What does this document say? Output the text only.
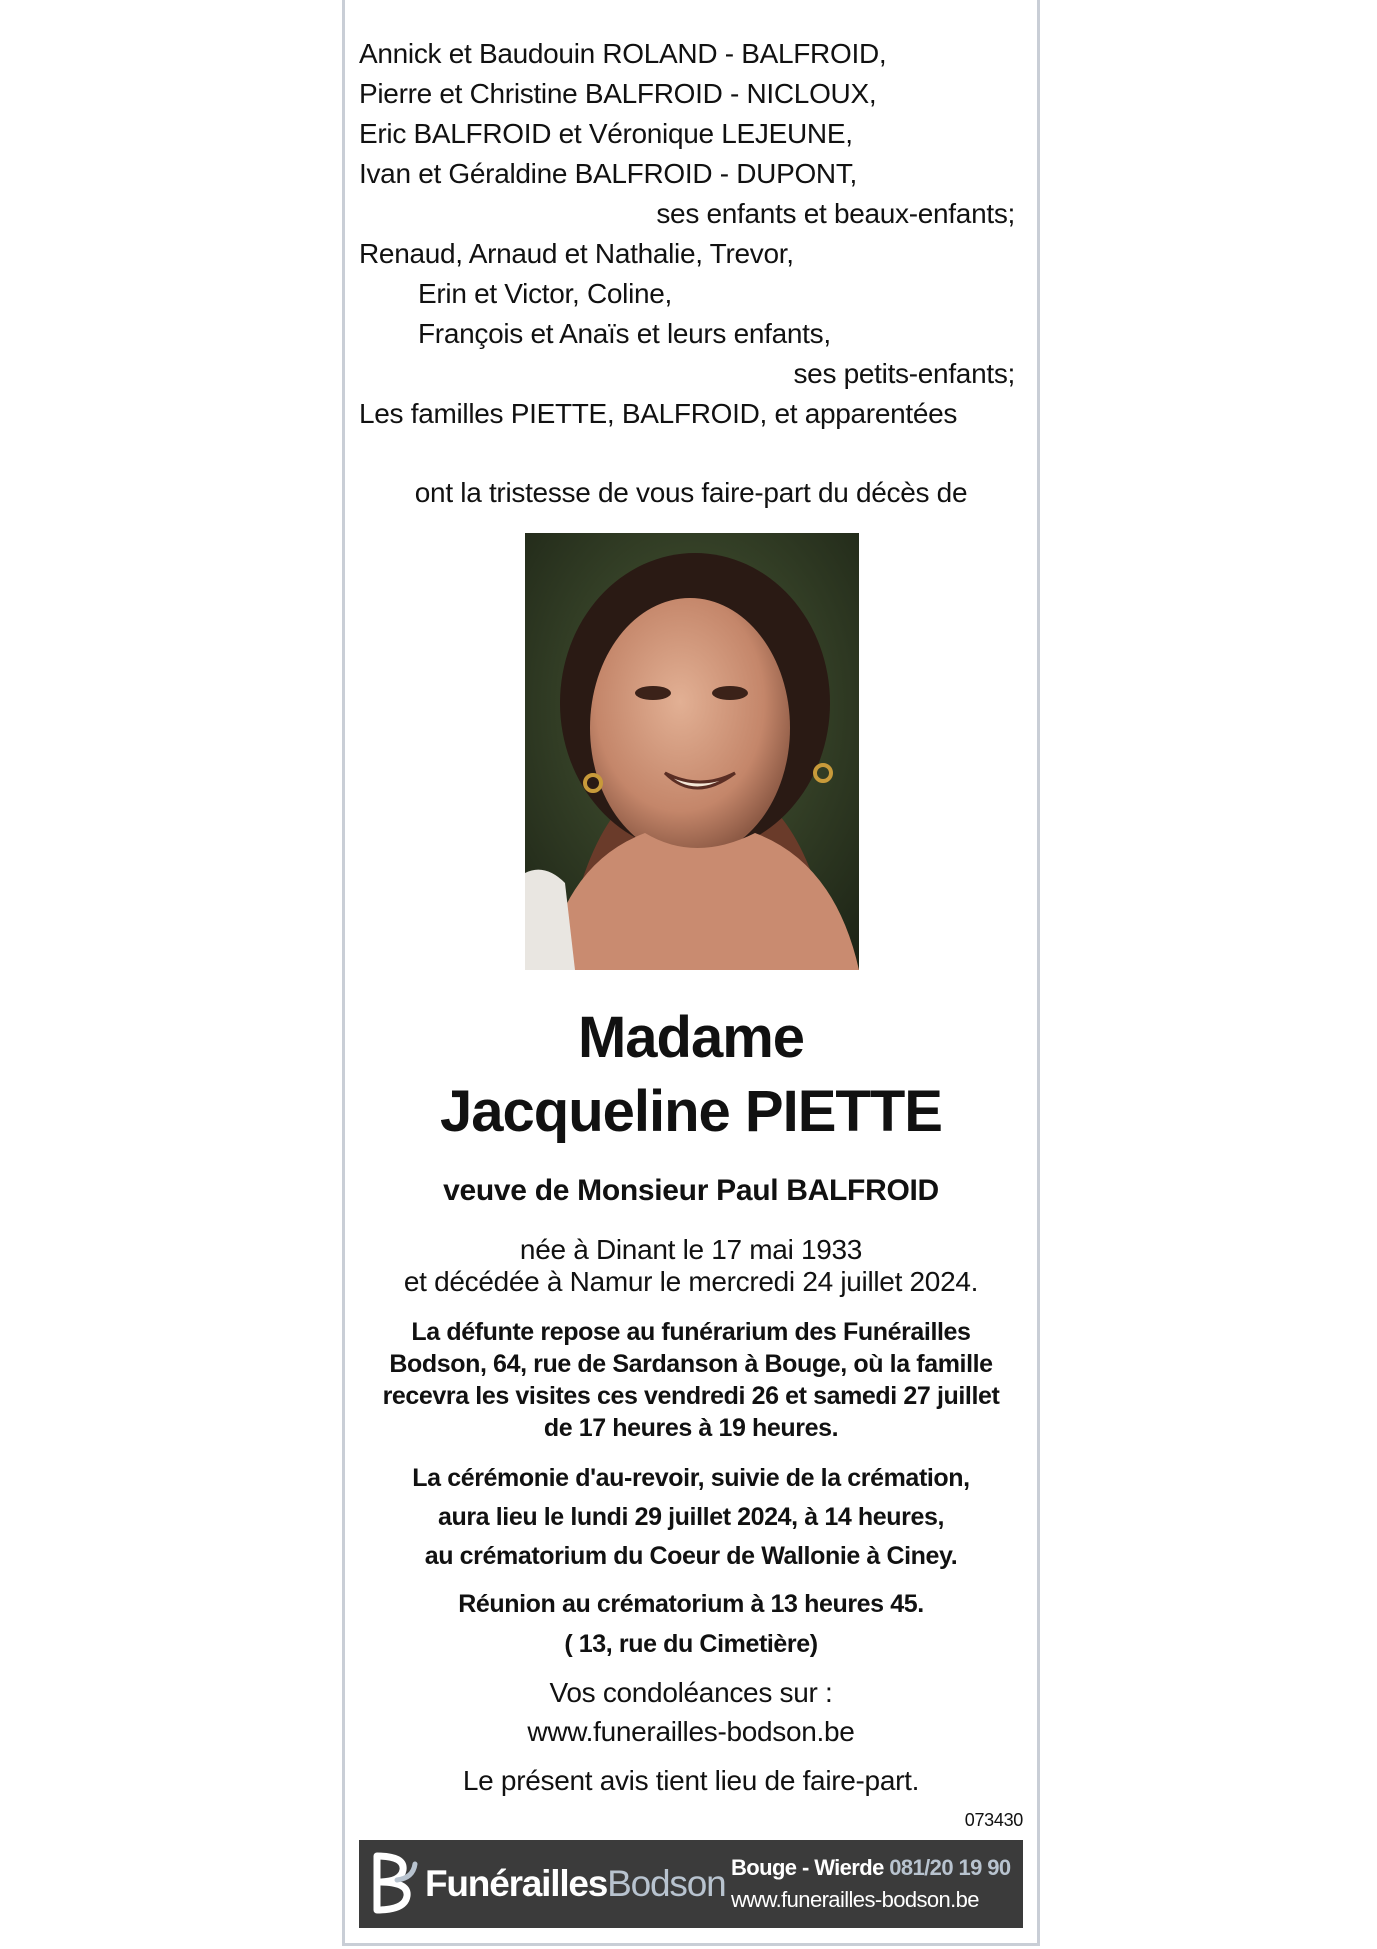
Annick et Baudouin ROLAND - BALFROID,
Pierre et Christine BALFROID - NICLOUX,
Eric BALFROID et Véronique LEJEUNE,
Ivan et Géraldine BALFROID - DUPONT,
ses enfants et beaux-enfants;
Renaud, Arnaud et Nathalie, Trevor,
Erin et Victor, Coline,
François et Anaïs et leurs enfants,
ses petits-enfants;
Les familles PIETTE, BALFROID, et apparentées
ont la tristesse de vous faire-part du décès de
Madame
Jacqueline PIETTE
veuve de Monsieur Paul BALFROID
née à Dinant le 17 mai 1933
et décédée à Namur le mercredi 24 juillet 2024.
La défunte repose au funérarium des Funérailles
Bodson, 64, rue de Sardanson à Bouge, où la famille
recevra les visites ces vendredi 26 et samedi 27 juillet
de 17 heures à 19 heures.
La cérémonie d'au-revoir, suivie de la crémation,
aura lieu le lundi 29 juillet 2024, à 14 heures,
au crématorium du Coeur de Wallonie à Ciney.
Réunion au crématorium à 13 heures 45.
( 13, rue du Cimetière)
Vos condoléances sur :
www.funerailles-bodson.be
Le présent avis tient lieu de faire-part.
073430
FunéraillesBodson Bouge - Wierde 081/20 19 90
www.funerailles-bodson.be
